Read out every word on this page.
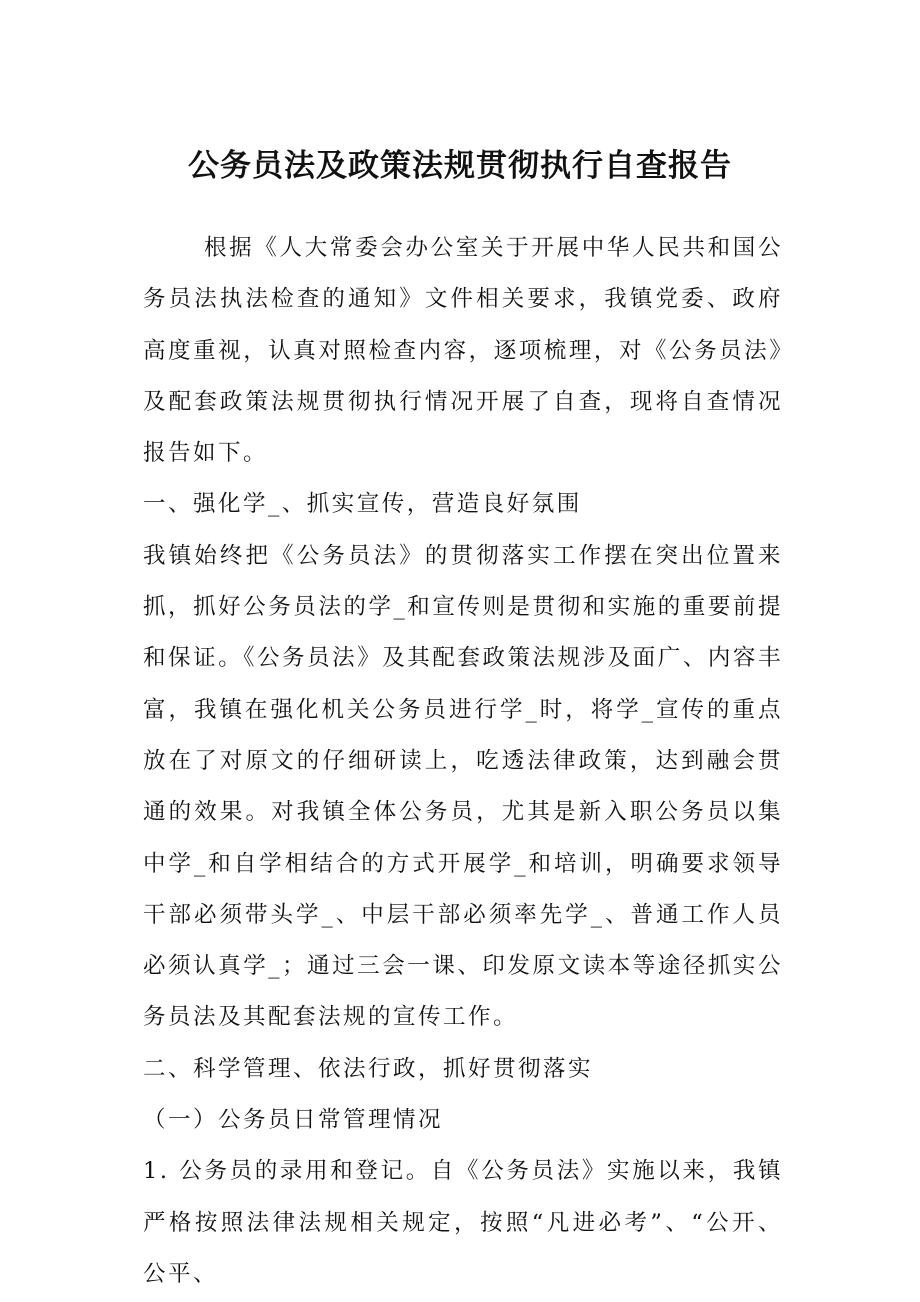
公务员法及政策法规贯彻执行自查报告

根据《人大常委会办公室关于开展中华人民共和国公务员法执法检查的通知》文件相关要求，我镇党委、政府高度重视，认真对照检查内容，逐项梳理，对《公务员法》及配套政策法规贯彻执行情况开展了自查，现将自查情况报告如下。

一、强化学_、抓实宣传，营造良好氛围

我镇始终把《公务员法》的贯彻落实工作摆在突出位置来抓，抓好公务员法的学_和宣传则是贯彻和实施的重要前提和保证。《公务员法》及其配套政策法规涉及面广、内容丰富，我镇在强化机关公务员进行学_时，将学_宣传的重点放在了对原文的仔细研读上，吃透法律政策，达到融会贯通的效果。对我镇全体公务员，尤其是新入职公务员以集中学_和自学相结合的方式开展学_和培训，明确要求领导干部必须带头学_、中层干部必须率先学_、普通工作人员必须认真学_；通过三会一课、印发原文读本等途径抓实公务员法及其配套法规的宣传工作。

二、科学管理、依法行政，抓好贯彻落实

（一）公务员日常管理情况

1. 公务员的录用和登记。自《公务员法》实施以来，我镇严格按照法律法规相关规定，按照“凡进必考”、“公开、公平、
